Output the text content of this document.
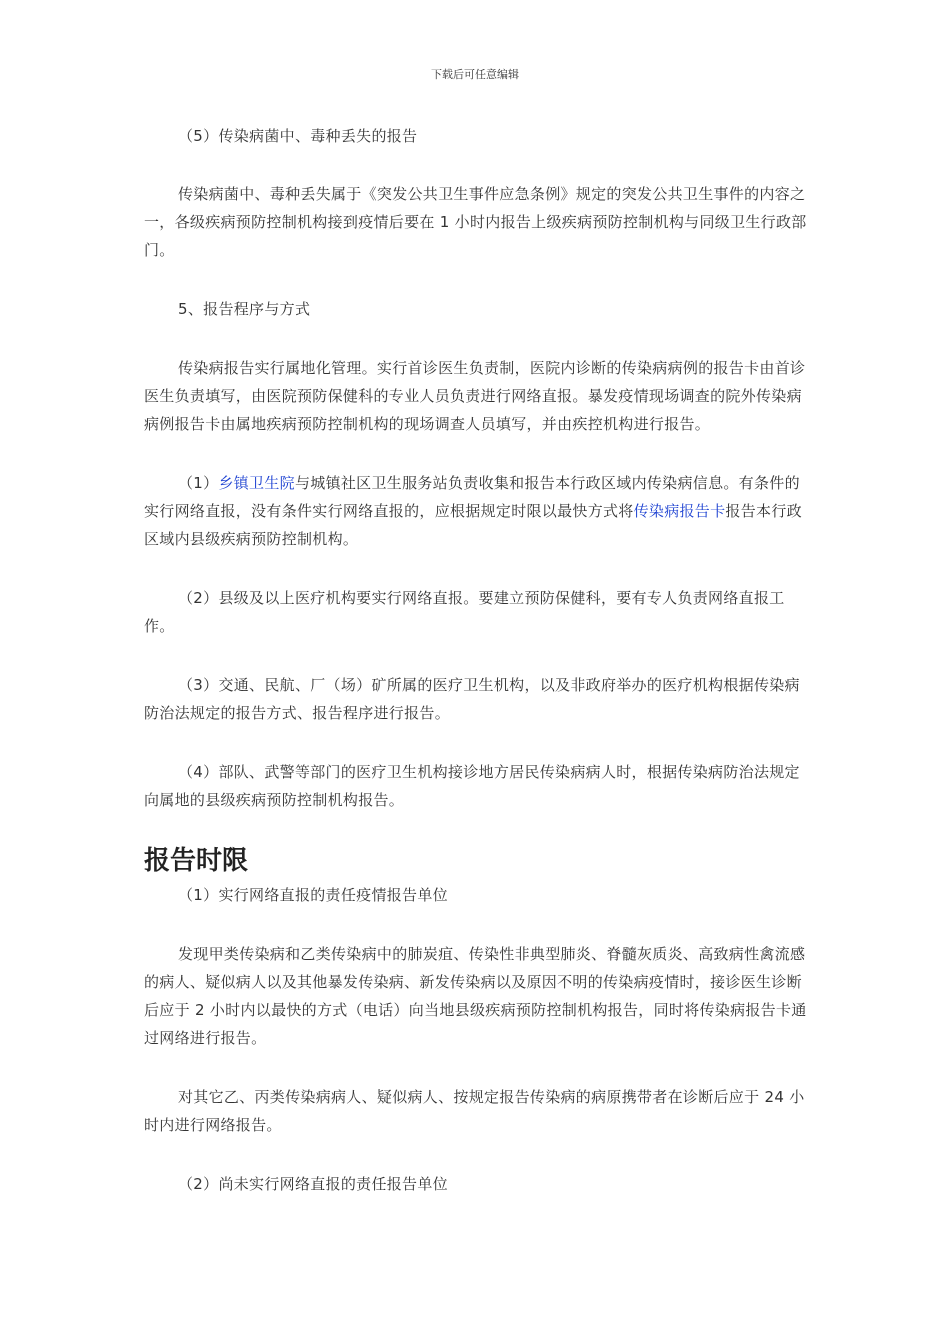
下载后可任意编辑

（5）传染病菌中、毒种丢失的报告

传染病菌中、毒种丢失属于《突发公共卫生事件应急条例》规定的突发公共卫生事件的内容之一，各级疾病预防控制机构接到疫情后要在 1 小时内报告上级疾病预防控制机构与同级卫生行政部门。

5、报告程序与方式

传染病报告实行属地化管理。实行首诊医生负责制，医院内诊断的传染病病例的报告卡由首诊医生负责填写，由医院预防保健科的专业人员负责进行网络直报。暴发疫情现场调查的院外传染病病例报告卡由属地疾病预防控制机构的现场调查人员填写，并由疾控机构进行报告。

（1）乡镇卫生院与城镇社区卫生服务站负责收集和报告本行政区域内传染病信息。有条件的实行网络直报，没有条件实行网络直报的，应根据规定时限以最快方式将传染病报告卡报告本行政区域内县级疾病预防控制机构。

（2）县级及以上医疗机构要实行网络直报。要建立预防保健科，要有专人负责网络直报工作。

（3）交通、民航、厂（场）矿所属的医疗卫生机构，以及非政府举办的医疗机构根据传染病防治法规定的报告方式、报告程序进行报告。

（4）部队、武警等部门的医疗卫生机构接诊地方居民传染病病人时，根据传染病防治法规定向属地的县级疾病预防控制机构报告。

报告时限

（1）实行网络直报的责任疫情报告单位

发现甲类传染病和乙类传染病中的肺炭疽、传染性非典型肺炎、脊髓灰质炎、高致病性禽流感的病人、疑似病人以及其他暴发传染病、新发传染病以及原因不明的传染病疫情时，接诊医生诊断后应于 2 小时内以最快的方式（电话）向当地县级疾病预防控制机构报告，同时将传染病报告卡通过网络进行报告。

对其它乙、丙类传染病病人、疑似病人、按规定报告传染病的病原携带者在诊断后应于 24 小时内进行网络报告。

（2）尚未实行网络直报的责任报告单位
